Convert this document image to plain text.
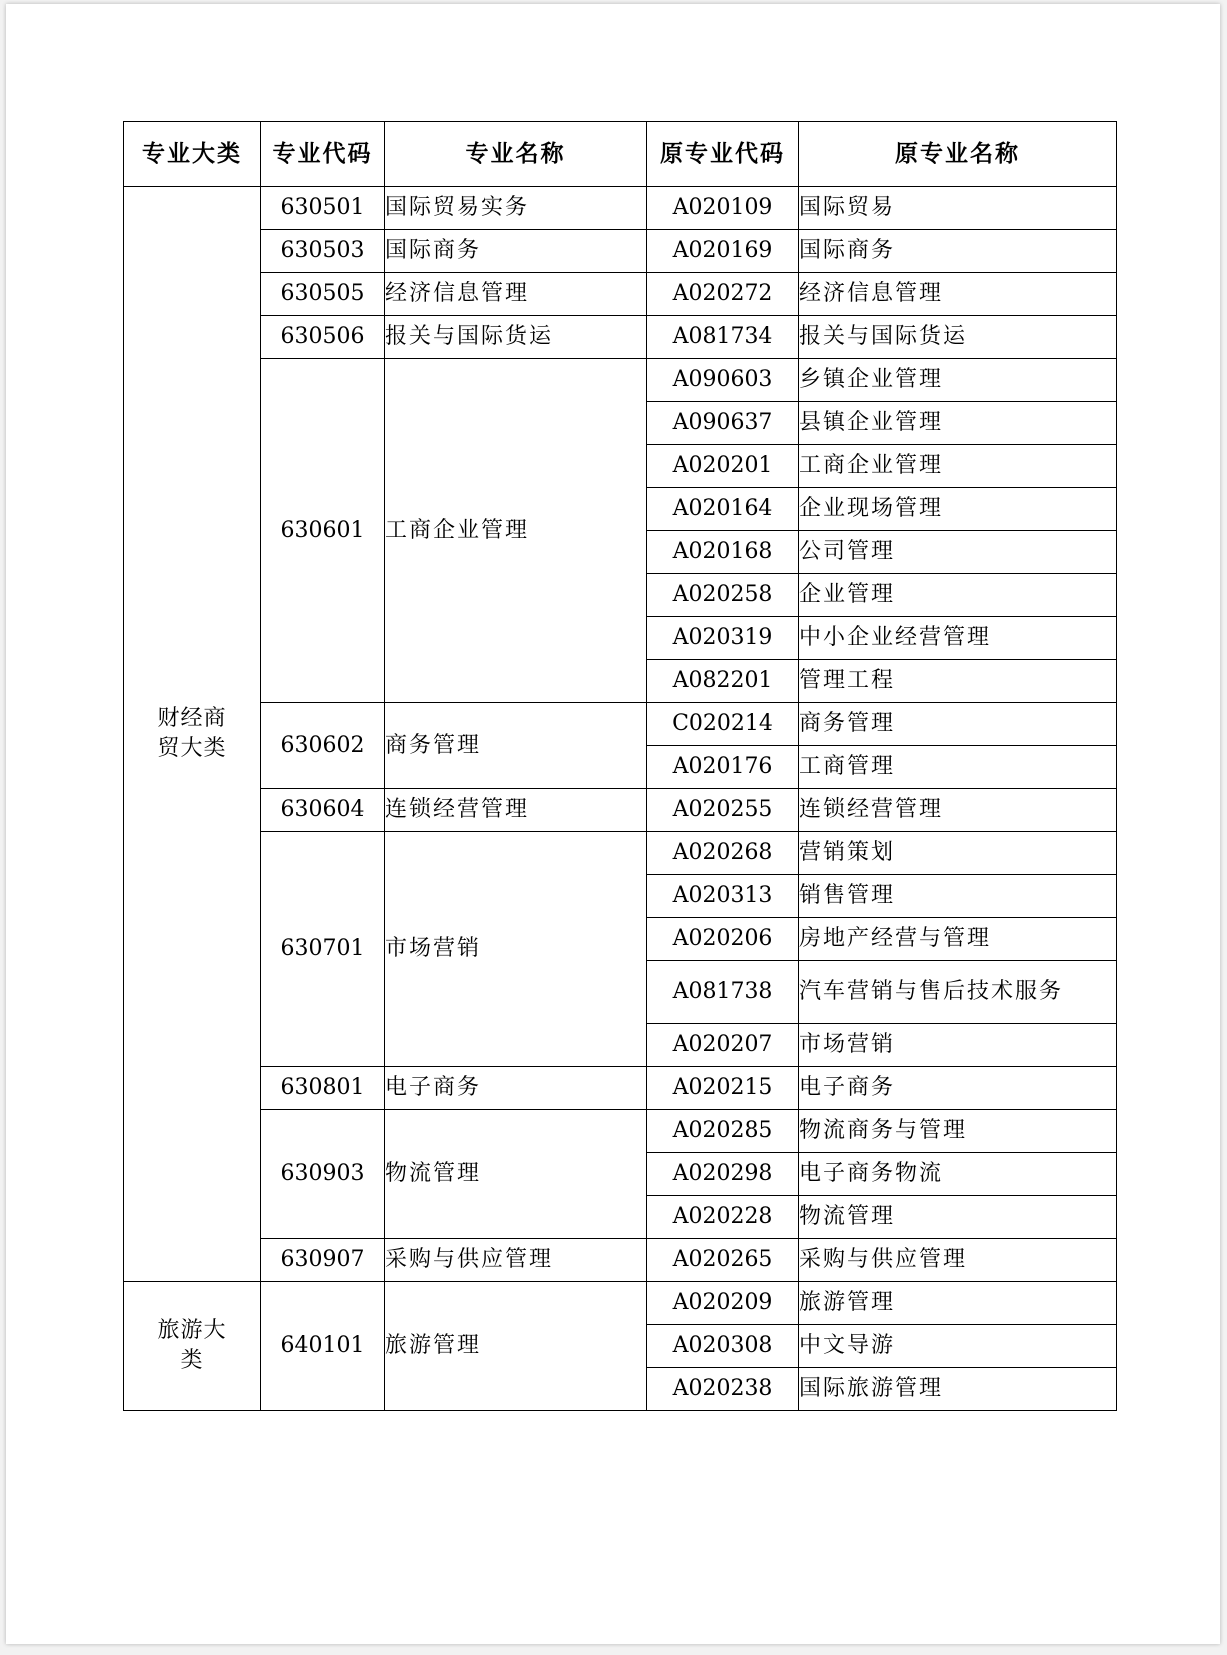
专业大类	专业代码	专业名称	原专业代码	原专业名称

财经商贸大类	630501	国际贸易实务	A020109	国际贸易
	630503	国际商务	A020169	国际商务
	630505	经济信息管理	A020272	经济信息管理
	630506	报关与国际货运	A081734	报关与国际货运
	630601	工商企业管理	A090603	乡镇企业管理
			A090637	县镇企业管理
			A020201	工商企业管理
			A020164	企业现场管理
			A020168	公司管理
			A020258	企业管理
			A020319	中小企业经营管理
			A082201	管理工程
	630602	商务管理	C020214	商务管理
			A020176	工商管理
	630604	连锁经营管理	A020255	连锁经营管理
	630701	市场营销	A020268	营销策划
			A020313	销售管理
			A020206	房地产经营与管理
			A081738	汽车营销与售后技术服务
			A020207	市场营销
	630801	电子商务	A020215	电子商务
	630903	物流管理	A020285	物流商务与管理
			A020298	电子商务物流
			A020228	物流管理
	630907	采购与供应管理	A020265	采购与供应管理

旅游大类	640101	旅游管理	A020209	旅游管理
			A020308	中文导游
			A020238	国际旅游管理
